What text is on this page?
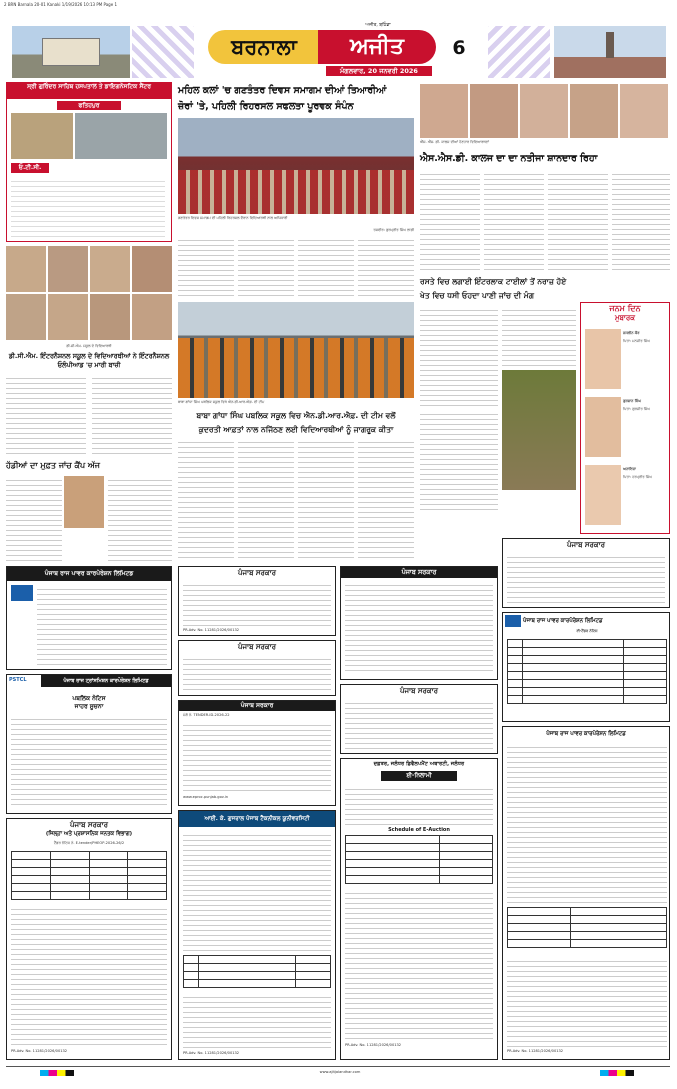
2 BRN Barnala 20-01 Kanaki 1/19/2026 10:13 PM Page 1
ਬਰਨਾਲਾ	ਅਜੀਤ
ਅਜੀਤ, ਬਠਿੰਡਾ
ਮੰਗਲਵਾਰ, 20 ਜਨਵਰੀ 2026
6
ਸ੍ਰੀ ਗੁਰਿੰਦਰ ਸਾਹਿਬ ਹਸਪਤਾਲ ਤੇ ਡਾਇਗਨੋਸਟਿਕ ਸੈਂਟਰ
ਫਤਿਹਪੁਰ
ਓ.ਟੀ.ਸੀ.
ਡੀ.ਸੀ.ਐਮ. ਸਕੂਲ ਦੇ ਵਿਦਿਆਰਥੀ
ਡੀ.ਸੀ.ਐਮ. ਇੰਟਰਨੈਸ਼ਨਲ ਸਕੂਲ ਦੇ ਵਿਦਿਆਰਥੀਆਂ ਨੇ ਇੰਟਰਨੈਸ਼ਨਲ
ਓਲੰਪੀਆਡ 'ਚ ਮਾਰੀ ਬਾਜ਼ੀ
ਹੱਡੀਆਂ ਦਾ ਮੁਫ਼ਤ ਜਾਂਚ ਕੈਂਪ ਅੱਜ
ਪੰਜਾਬ ਰਾਜ ਪਾਵਰ ਕਾਰਪੋਰੇਸ਼ਨ ਲਿਮਿਟਡ
PSTCL	ਪੰਜਾਬ ਰਾਜ ਟ੍ਰਾਂਸਮਿਸ਼ਨ ਕਾਰਪੋਰੇਸ਼ਨ ਲਿਮਿਟਡ
ਪਬਲਿਕ ਨੋਟਿਸ
ਜਾਹਰ ਸੂਚਨਾ
ਪੰਜਾਬ ਸਰਕਾਰ
(ਜਿਲ੍ਹਾ ਅਤੇ ਪ੍ਰਸ਼ਾਸਨਿਕ ਜਨਤਕ ਵਿਭਾਗ)
ਟੈਂਡਰ ਨੋਟਿਸ ਨੰ. E-tender/PHEOP-2026-26/2

PR-Adv. No. 11281/2026/00132
ਮਹਿਲ ਕਲਾਂ 'ਚ ਗਣਤੰਤਰ ਦਿਵਸ ਸਮਾਗਮ ਦੀਆਂ ਤਿਆਰੀਆਂ
ਜ਼ੋਰਾਂ 'ਤੇ, ਪਹਿਲੀ ਰਿਹਰਸਲ ਸਫਲਤਾ ਪੂਰਵਕ ਸੰਪੰਨ
ਗਣਤੰਤਰ ਦਿਵਸ ਸਮਾਗਮ ਦੀ ਪਹਿਲੀ ਰਿਹਰਸਲ ਦੌਰਾਨ ਵਿਦਿਆਰਥੀ ਨਾਲ ਅਧਿਕਾਰੀ
ਤਸਵੀਰ: ਗੁਰਪ੍ਰੀਤ ਸਿੰਘ ਲਾਡੀ
ਬਾਬਾ ਗਾਂਧਾ ਸਿੰਘ ਪਬਲਿਕ ਸਕੂਲ ਵਿਖੇ ਐਨ.ਡੀ.ਆਰ.ਐਫ਼. ਦੀ ਟੀਮ
ਬਾਬਾ ਗਾਂਧਾ ਸਿੰਘ ਪਬਲਿਕ ਸਕੂਲ ਵਿਚ ਐਨ.ਡੀ.ਆਰ.ਐਫ਼. ਦੀ ਟੀਮ ਵਲੋਂ
ਕੁਦਰਤੀ ਆਫ਼ਤਾਂ ਨਾਲ ਨਜਿੱਠਣ ਲਈ ਵਿਦਿਆਰਥੀਆਂ ਨੂੰ ਜਾਗਰੂਕ ਕੀਤਾ
ਐੱਸ. ਐੱਸ. ਡੀ. ਕਾਲਜ ਦੀਆਂ ਹੋਣਹਾਰ ਵਿਦਿਆਰਥਣਾਂ
ਐਸ.ਐਸ.ਡੀ. ਕਾਲਜ ਦਾ ਦਾ ਨਤੀਜਾ ਸ਼ਾਨਦਾਰ ਰਿਹਾ
ਰਸਤੇ ਵਿਚ ਲਗਾਈ ਇੰਟਰਲਾਕ ਟਾਈਲਾਂ ਤੋਂ ਨਰਾਜ਼ ਹੋਏ
ਖੇਤ ਵਿਚ ਧਸੀ ਓਹਦਾ ਪਾਣੀ ਜਾਂਚ ਦੀ ਮੰਗ
ਜਨਮ ਦਿਨ
ਮੁਬਾਰਕ
ਜਸਲੀਨ ਕੌਰ
ਪਿਤਾ: ਮਨਜੀਤ ਸਿੰਘ
ਗੁਰਸ਼ਾਨ ਸਿੰਘ
ਪਿਤਾ: ਗੁਰਜੀਤ ਸਿੰਘ
ਅਨਾਇਸ਼ਾ
ਪਿਤਾ: ਹਰਪ੍ਰੀਤ ਸਿੰਘ
ਪੰਜਾਬ ਸਰਕਾਰ
PR-Adv. No. 11281/2026/00132
ਪੰਜਾਬ ਸਰਕਾਰ
ਪੰਜਾਬ ਸਰਕਾਰ
ਮੰਗੋ ਨੰ. TENDER-ID-2026-22
www.eproc.punjab.gov.in
ਆਈ. ਕੇ. ਗੁਜਰਾਲ ਪੰਜਾਬ ਟੈਕਨੀਕਲ ਯੂਨੀਵਰਸਿਟੀ

PR-Adv. No. 11281/2026/00132
ਪੰਜਾਬ ਸਰਕਾਰ
ਪੰਜਾਬ ਸਰਕਾਰ
ਦਫ਼ਤਰ, ਜਲੰਧਰ ਡਿਵੈਲਪਮੈਂਟ ਅਥਾਰਟੀ, ਜਲੰਧਰ
ਈ-ਨਿਲਾਮੀ
Schedule of E-Auction

PR-Adv. No. 11281/2026/00132
ਪੰਜਾਬ ਸਰਕਾਰ
ਪੰਜਾਬ ਰਾਜ ਪਾਵਰ ਕਾਰਪੋਰੇਸ਼ਨ ਲਿਮਿਟਡ
ਈ-ਟੈਂਡਰ ਨੋਟਿਸ

ਪੰਜਾਬ ਰਾਜ ਪਾਵਰ ਕਾਰਪੋਰੇਸ਼ਨ ਲਿਮਿਟਡ

PR-Adv. No. 11281/2026/00132
www.ajitjalandhar.com
